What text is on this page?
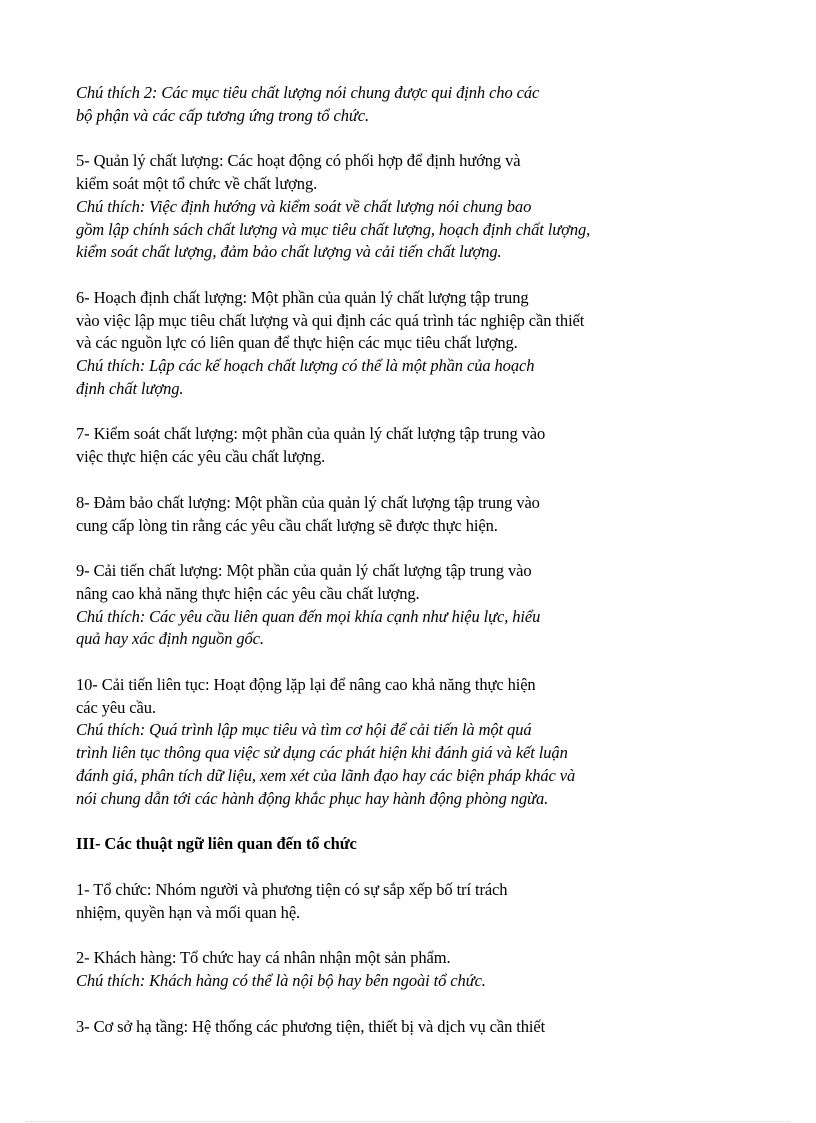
Chú thích 2: Các mục tiêu chất lượng nói chung được qui định cho các
bộ phận và các cấp tương ứng trong tổ chức.
5- Quản lý chất lượng: Các hoạt động có phối hợp để định hướng và
kiểm soát một tổ chức về chất lượng.
Chú thích: Việc định hướng và kiểm soát về chất lượng nói chung bao
gồm lập chính sách chất lượng và mục tiêu chất lượng, hoạch định chất lượng,
kiểm soát chất lượng, đảm bảo chất lượng và cải tiến chất lượng.
6- Hoạch định chất lượng: Một phần của quản lý chất lượng tập trung
vào việc lập mục tiêu chất lượng và qui định các quá trình tác nghiệp cần thiết
và các nguồn lực có liên quan để thực hiện các mục tiêu chất lượng.
Chú thích: Lập các kế hoạch chất lượng có thể là một phần của hoạch
định chất lượng.
7- Kiểm soát chất lượng: một phần của quản lý chất lượng tập trung vào
việc thực hiện các yêu cầu chất lượng.
8- Đảm bảo chất lượng: Một phần của quản lý chất lượng tập trung vào
cung cấp lòng tin rằng các yêu cầu chất lượng sẽ được thực hiện.
9- Cải tiến chất lượng: Một phần của quản lý chất lượng tập trung vào
nâng cao khả năng thực hiện các yêu cầu chất lượng.
Chú thích: Các yêu cầu liên quan đến mọi khía cạnh như hiệu lực, hiểu
quả hay xác định nguồn gốc.
10- Cải tiến liên tục: Hoạt động lặp lại để nâng cao khả năng thực hiện
các yêu cầu.
Chú thích: Quá trình lập mục tiêu và tìm cơ hội để cải tiến là một quá
trình liên tục thông qua việc sử dụng các phát hiện khi đánh giá và kết luận
đánh giá, phân tích dữ liệu, xem xét của lãnh đạo hay các biện pháp khác và
nói chung dẫn tới các hành động khắc phục hay hành động phòng ngừa.
III- Các thuật ngữ liên quan đến tổ chức
1- Tổ chức: Nhóm người và phương tiện có sự sắp xếp bố trí trách
nhiệm, quyền hạn và mối quan hệ.
2- Khách hàng: Tổ chức hay cá nhân nhận một sản phẩm.
Chú thích: Khách hàng có thể là nội bộ hay bên ngoài tổ chức.
3- Cơ sở hạ tầng: Hệ thống các phương tiện, thiết bị và dịch vụ cần thiết
